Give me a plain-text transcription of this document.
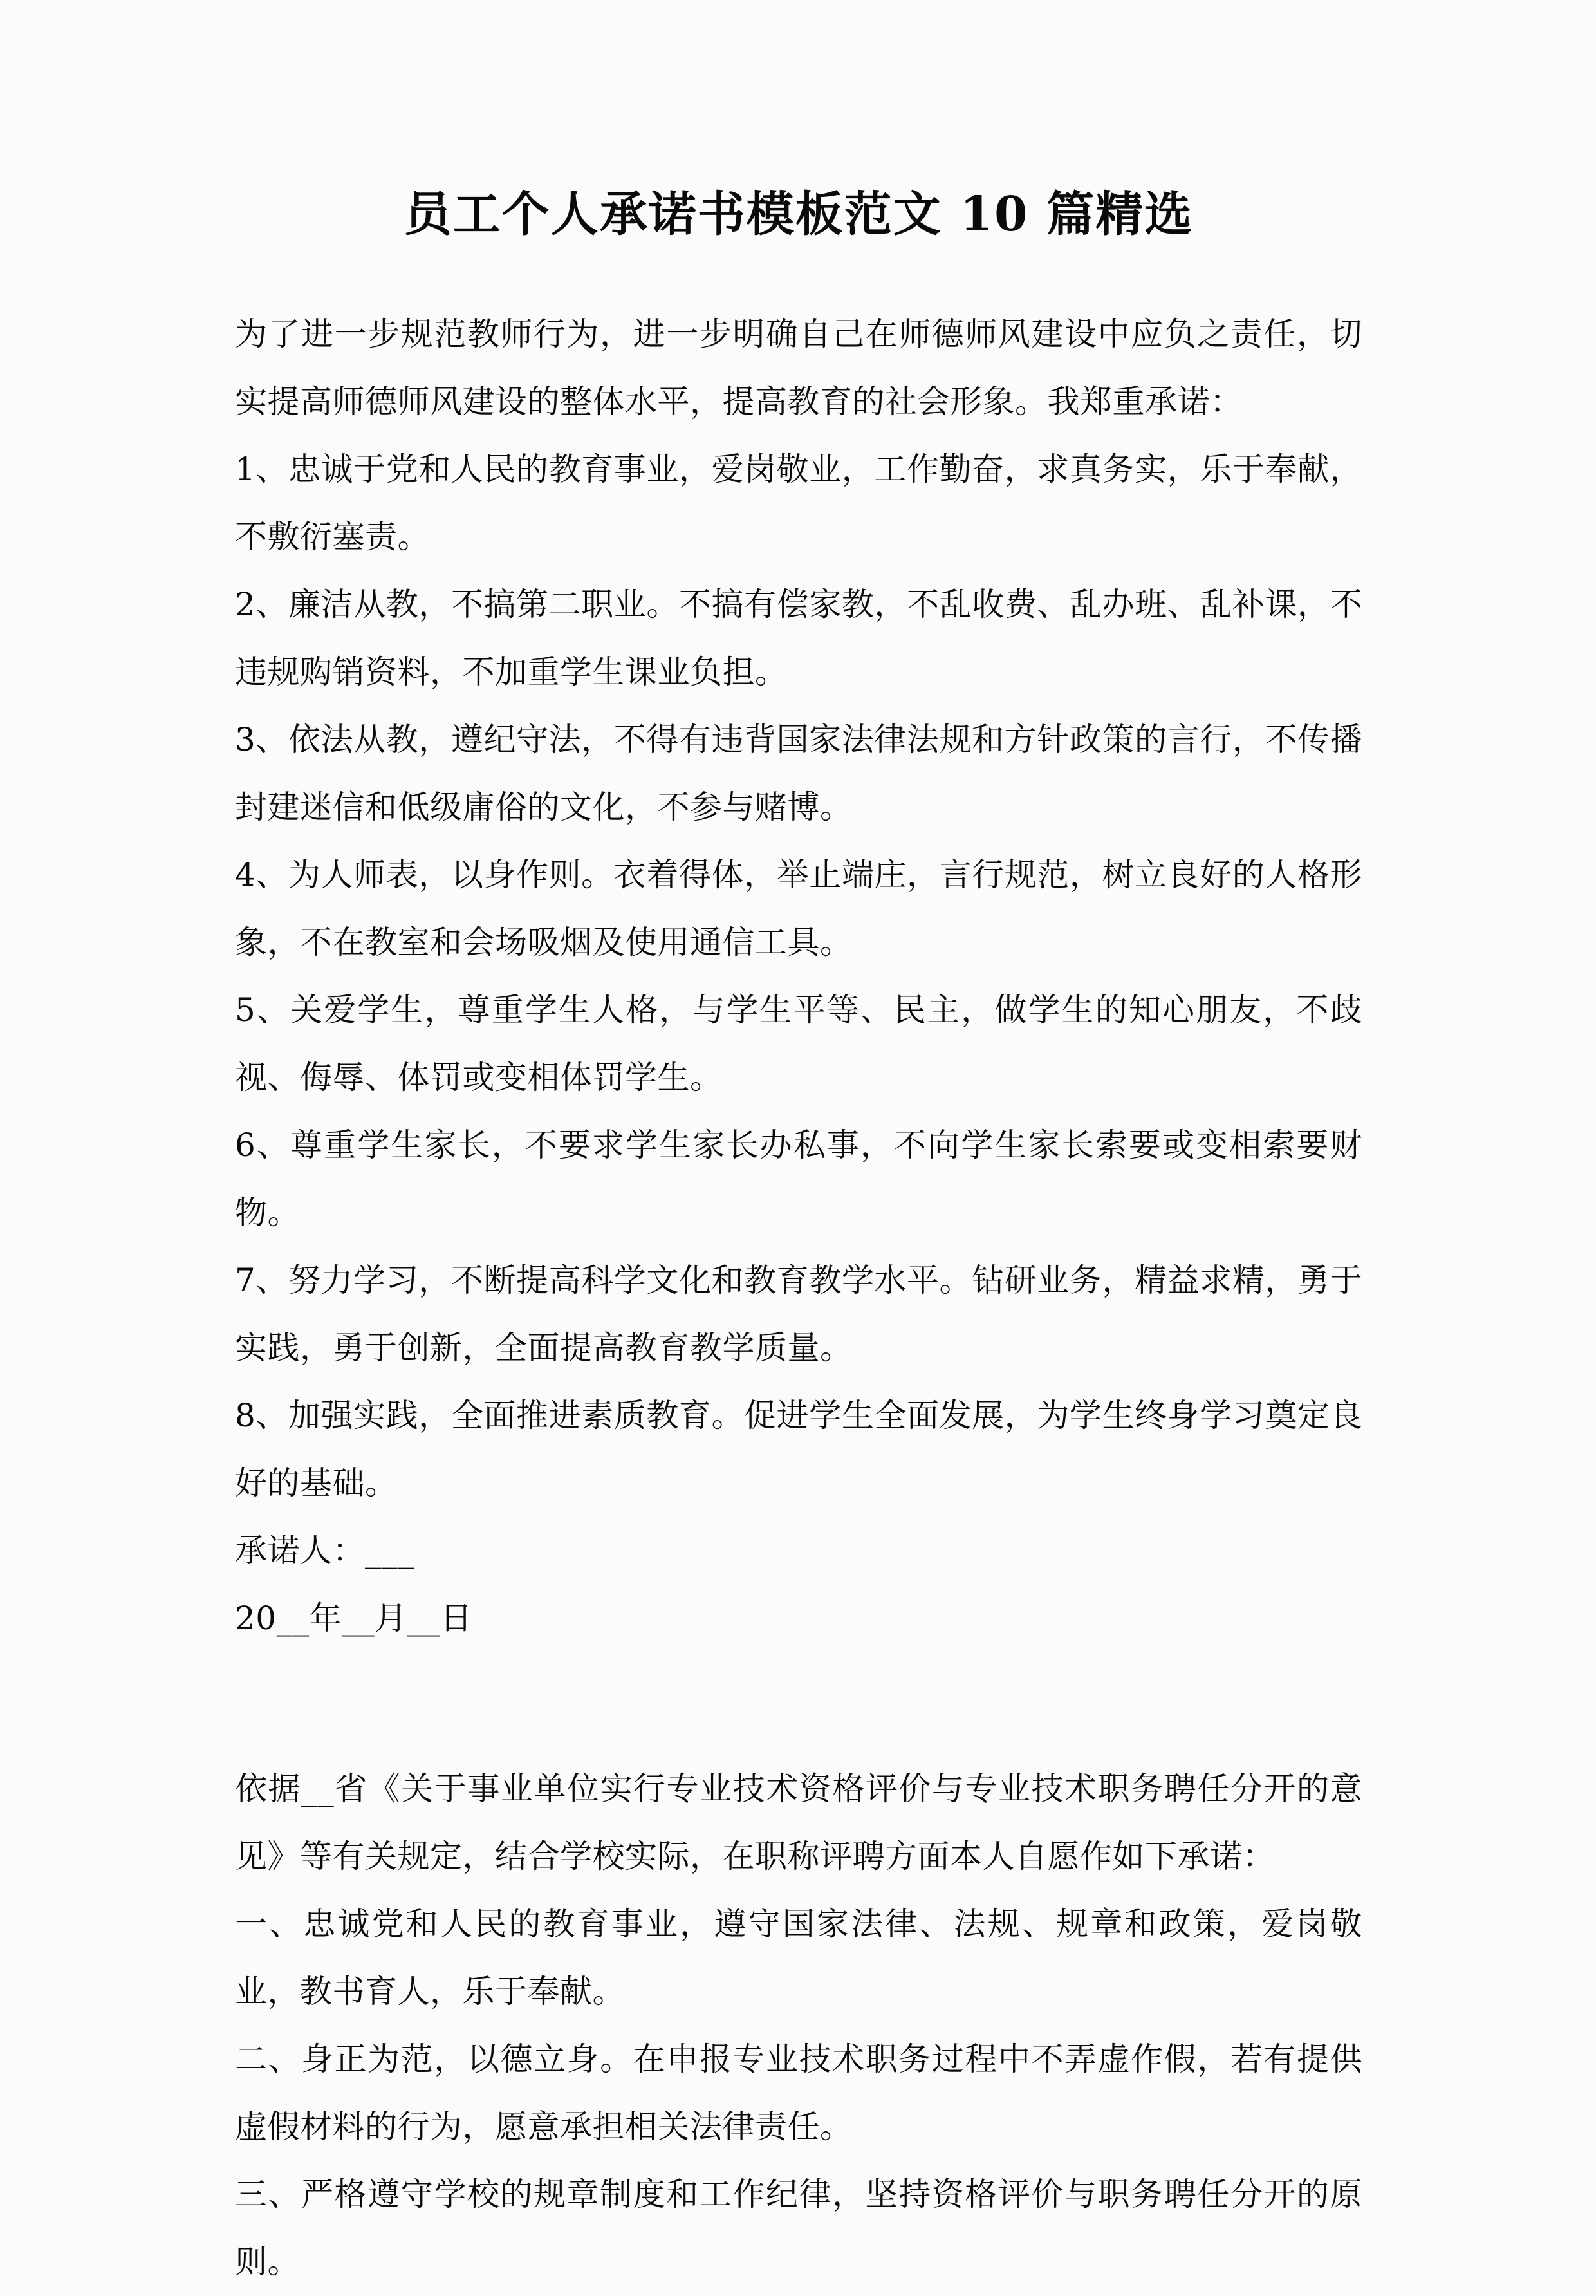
员工个人承诺书模板范文 10 篇精选

为了进一步规范教师行为，进一步明确自己在师德师风建设中应负之责任，切实提高师德师风建设的整体水平，提高教育的社会形象。我郑重承诺：

1、忠诚于党和人民的教育事业，爱岗敬业，工作勤奋，求真务实，乐于奉献，不敷衍塞责。

2、廉洁从教，不搞第二职业。不搞有偿家教，不乱收费、乱办班、乱补课，不违规购销资料，不加重学生课业负担。

3、依法从教，遵纪守法，不得有违背国家法律法规和方针政策的言行，不传播封建迷信和低级庸俗的文化，不参与赌博。

4、为人师表，以身作则。衣着得体，举止端庄，言行规范，树立良好的人格形象，不在教室和会场吸烟及使用通信工具。

5、关爱学生，尊重学生人格，与学生平等、民主，做学生的知心朋友，不歧视、侮辱、体罚或变相体罚学生。

6、尊重学生家长，不要求学生家长办私事，不向学生家长索要或变相索要财物。

7、努力学习，不断提高科学文化和教育教学水平。钻研业务，精益求精，勇于实践，勇于创新，全面提高教育教学质量。

8、加强实践，全面推进素质教育。促进学生全面发展，为学生终身学习奠定良好的基础。

承诺人：___

20__年__月__日

依据__省《关于事业单位实行专业技术资格评价与专业技术职务聘任分开的意见》等有关规定，结合学校实际，在职称评聘方面本人自愿作如下承诺：

一、忠诚党和人民的教育事业，遵守国家法律、法规、规章和政策，爱岗敬业，教书育人，乐于奉献。

二、身正为范，以德立身。在申报专业技术职务过程中不弄虚作假，若有提供虚假材料的行为，愿意承担相关法律责任。

三、严格遵守学校的规章制度和工作纪律，坚持资格评价与职务聘任分开的原则。
